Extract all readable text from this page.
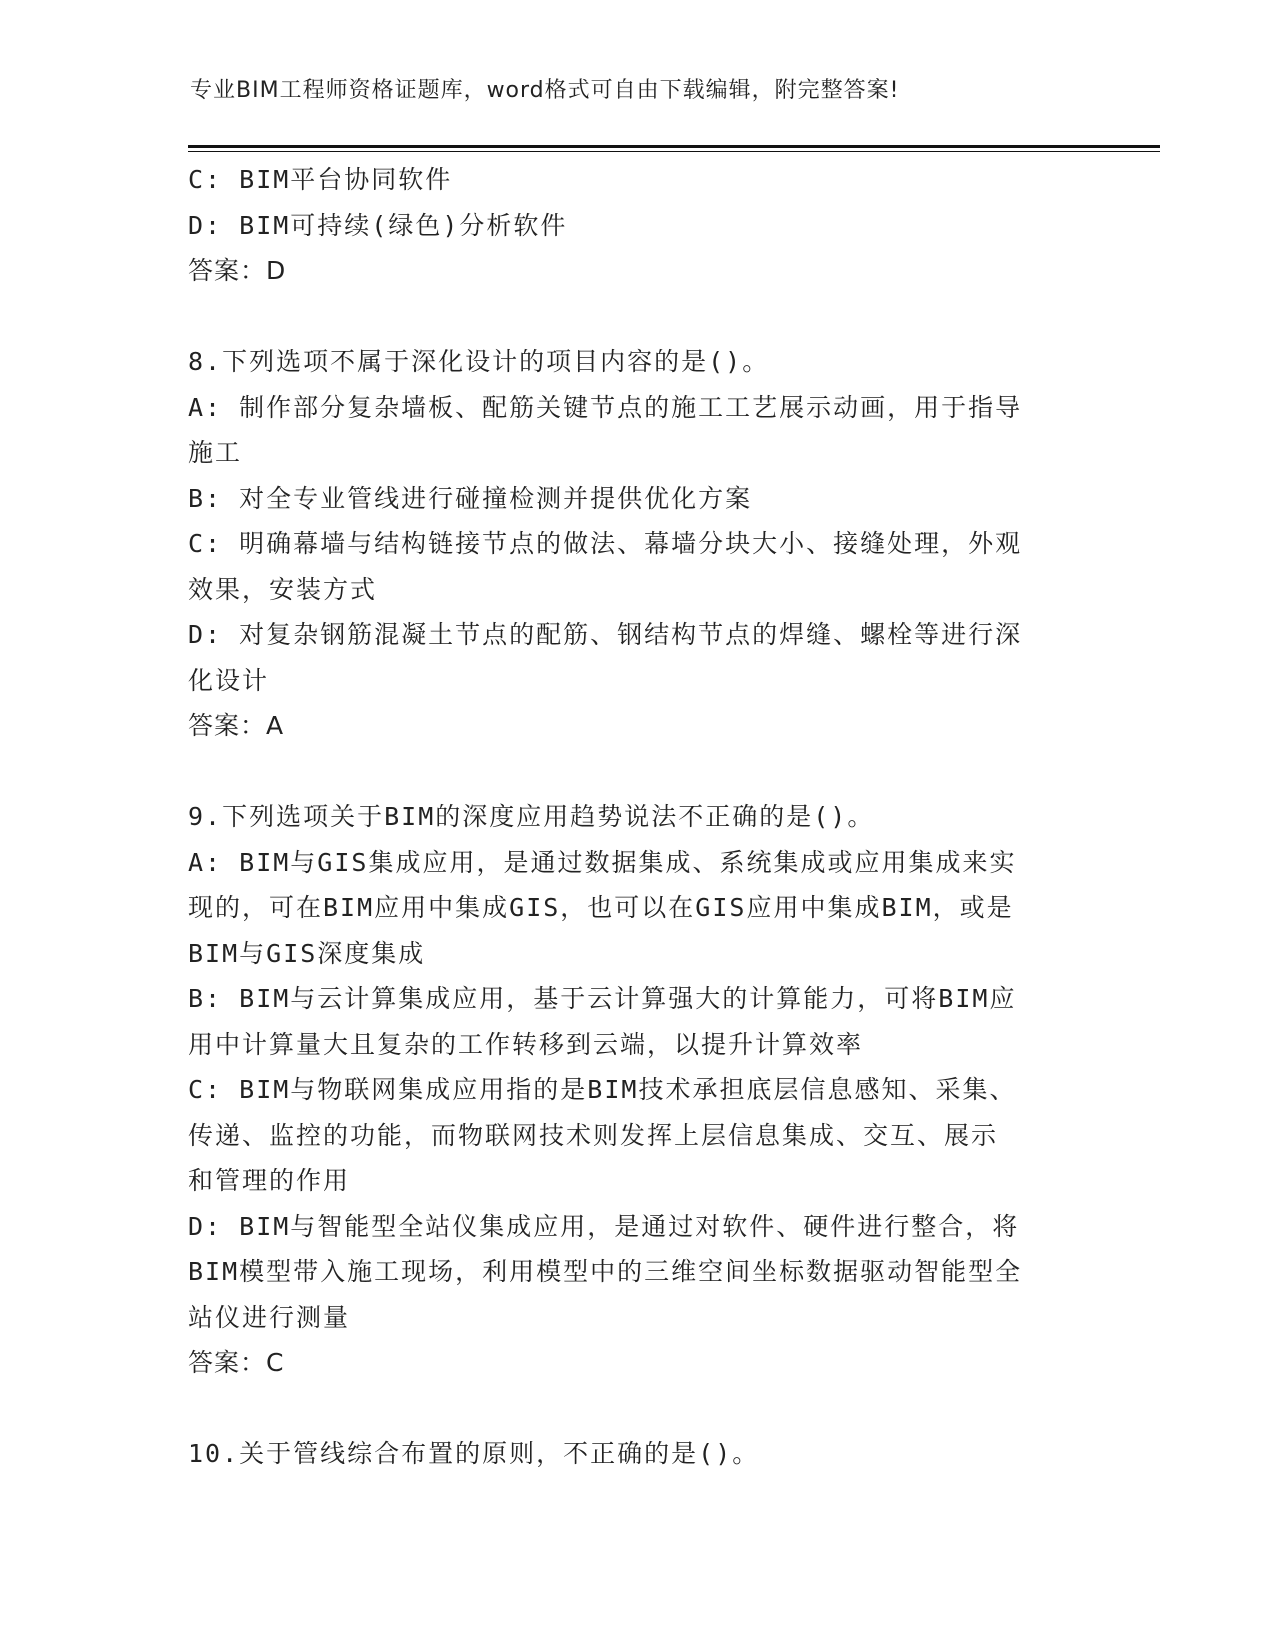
专业BIM工程师资格证题库，word格式可自由下载编辑，附完整答案!
C: BIM平台协同软件
D: BIM可持续(绿色)分析软件
答案：D
8.下列选项不属于深化设计的项目内容的是()。
A: 制作部分复杂墙板、配筋关键节点的施工工艺展示动画，用于指导
施工
B: 对全专业管线进行碰撞检测并提供优化方案
C: 明确幕墙与结构链接节点的做法、幕墙分块大小、接缝处理，外观
效果，安装方式
D: 对复杂钢筋混凝土节点的配筋、钢结构节点的焊缝、螺栓等进行深
化设计
答案：A
9.下列选项关于BIM的深度应用趋势说法不正确的是()。
A: BIM与GIS集成应用，是通过数据集成、系统集成或应用集成来实
现的，可在BIM应用中集成GIS，也可以在GIS应用中集成BIM，或是
BIM与GIS深度集成
B: BIM与云计算集成应用，基于云计算强大的计算能力，可将BIM应
用中计算量大且复杂的工作转移到云端，以提升计算效率
C: BIM与物联网集成应用指的是BIM技术承担底层信息感知、采集、
传递、监控的功能，而物联网技术则发挥上层信息集成、交互、展示
和管理的作用
D: BIM与智能型全站仪集成应用，是通过对软件、硬件进行整合，将
BIM模型带入施工现场，利用模型中的三维空间坐标数据驱动智能型全
站仪进行测量
答案：C
10.关于管线综合布置的原则，不正确的是()。
